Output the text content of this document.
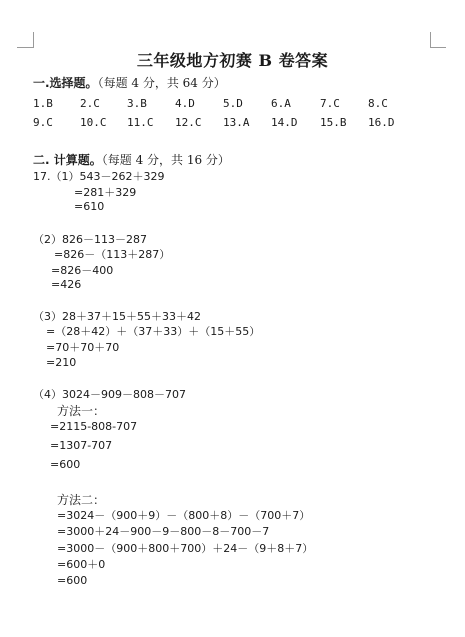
三年级地方初赛 B 卷答案
一.选择题。（每题 4 分，共 64 分）
1.B 2.C 3.B	4.D	5.D	6.A	7.C	8.C
9.C 10.C 11.C 12.C 13.A 14.D 15.B 16.D
二. 计算题。（每题 4 分，共 16 分）
17.（1）543－262＋329
=281＋329
=610
（2）826－113－287
=826－（113＋287）
=826－400
=426
（3）28＋37＋15＋55＋33＋42
=（28＋42）＋（37＋33）＋（15＋55）
=70＋70＋70
=210
（4）3024－909－808－707
方法一：
=2115-808-707
=1307-707
=600
方法二：
=3024－（900＋9）－（800＋8）－（700＋7）
=3000＋24－900－9－800－8－700－7
=3000－（900＋800＋700）＋24－（9＋8＋7）
=600＋0
=600
